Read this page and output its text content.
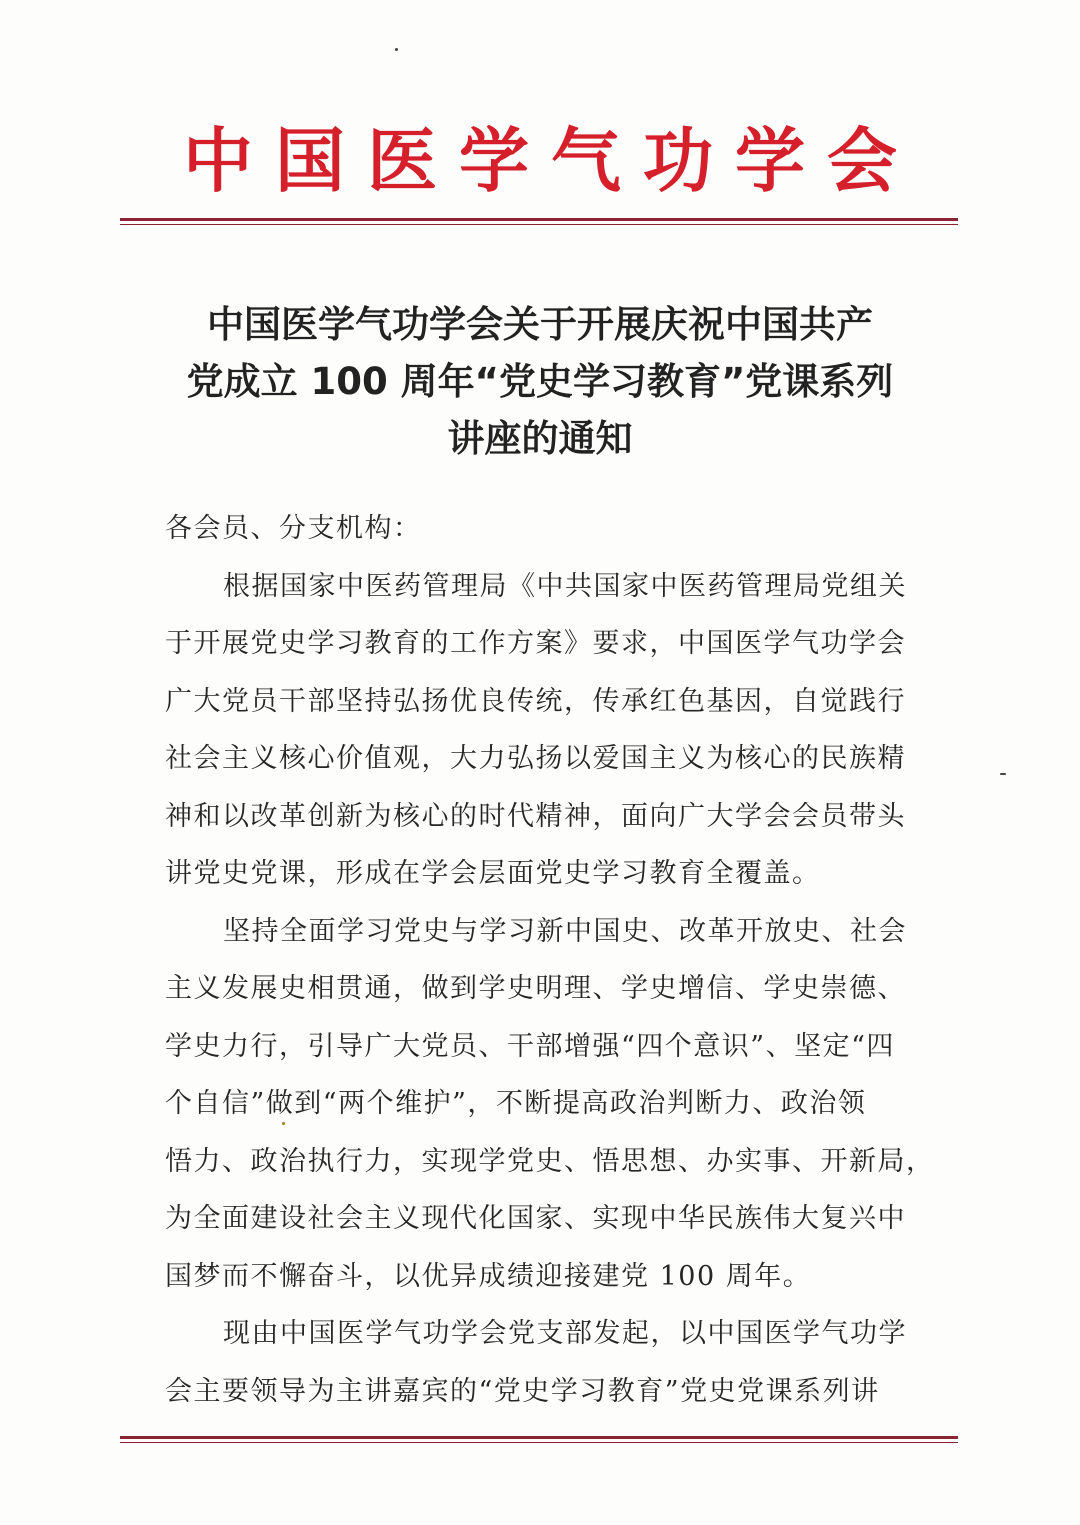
中国医学气功学会
中国医学气功学会关于开展庆祝中国共产
党成立 100 周年“党史学习教育”党课系列
讲座的通知
各会员、分支机构：
根据国家中医药管理局《中共国家中医药管理局党组关
于开展党史学习教育的工作方案》要求，中国医学气功学会
广大党员干部坚持弘扬优良传统，传承红色基因，自觉践行
社会主义核心价值观，大力弘扬以爱国主义为核心的民族精
神和以改革创新为核心的时代精神，面向广大学会会员带头
讲党史党课，形成在学会层面党史学习教育全覆盖。
坚持全面学习党史与学习新中国史、改革开放史、社会
主义发展史相贯通，做到学史明理、学史增信、学史崇德、
学史力行，引导广大党员、干部增强“四个意识”、坚定“四
个自信”做到“两个维护”，不断提高政治判断力、政治领
悟力、政治执行力，实现学党史、悟思想、办实事、开新局，
为全面建设社会主义现代化国家、实现中华民族伟大复兴中
国梦而不懈奋斗，以优异成绩迎接建党 100 周年。
现由中国医学气功学会党支部发起，以中国医学气功学
会主要领导为主讲嘉宾的“党史学习教育”党史党课系列讲
